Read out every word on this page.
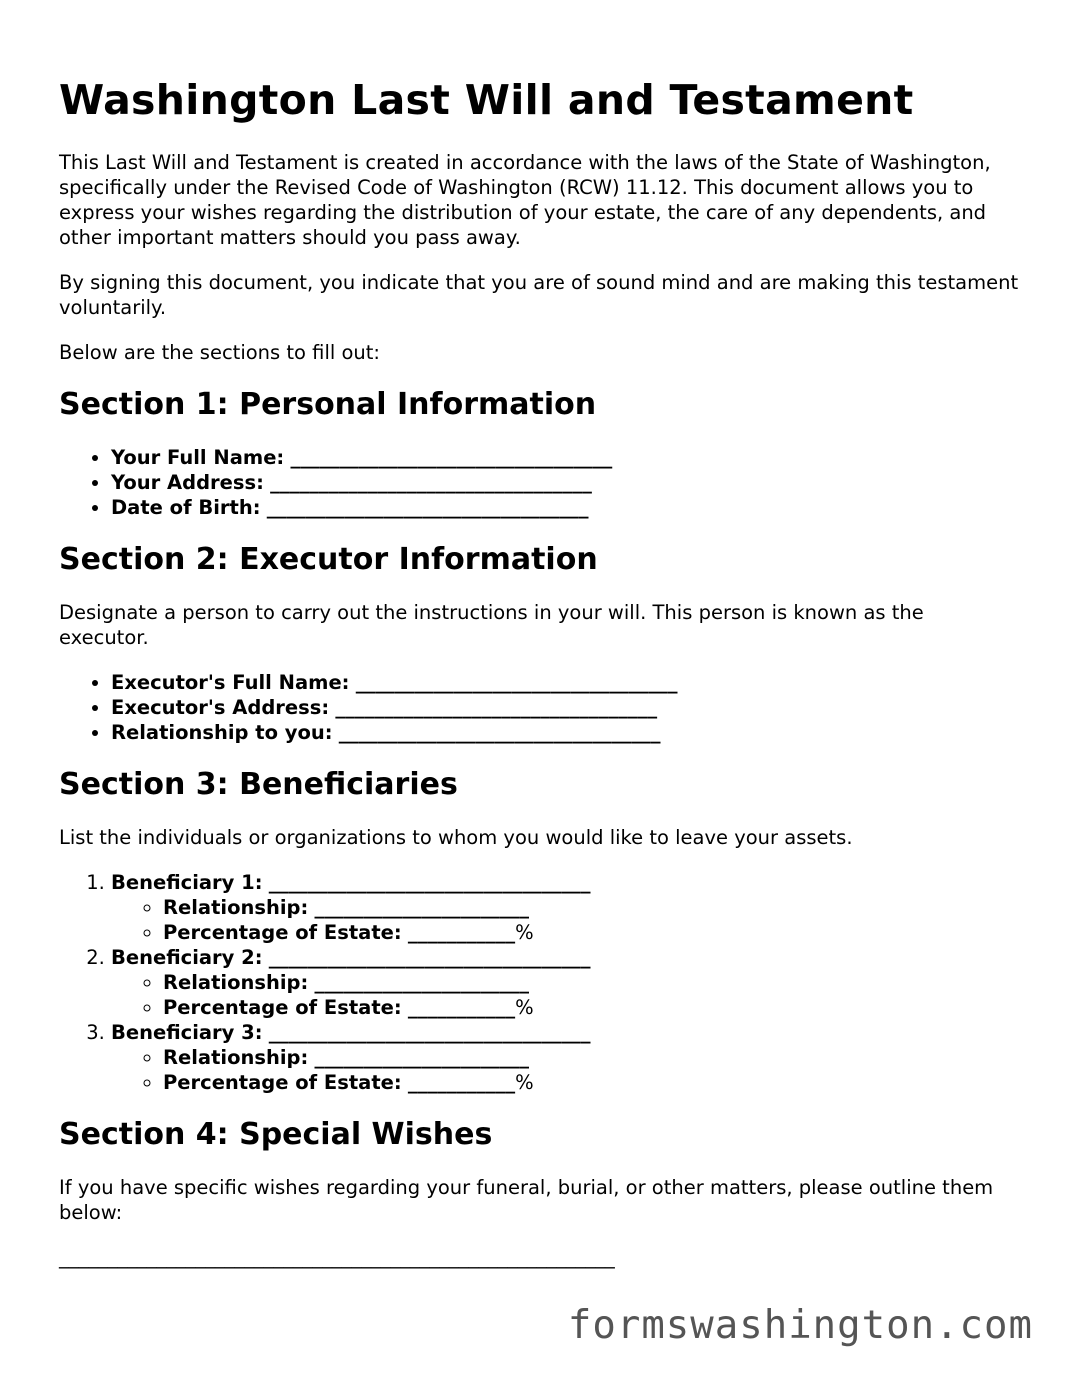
Washington Last Will and Testament

This Last Will and Testament is created in accordance with the laws of the State of Washington, specifically under the Revised Code of Washington (RCW) 11.12. This document allows you to express your wishes regarding the distribution of your estate, the care of any dependents, and other important matters should you pass away.

By signing this document, you indicate that you are of sound mind and are making this testament voluntarily.

Below are the sections to fill out:

Section 1: Personal Information
• Your Full Name: _________________________________
• Your Address: _________________________________
• Date of Birth: _________________________________
Section 2: Executor Information

Designate a person to carry out the instructions in your will. This person is known as the executor.

• Executor's Full Name: _________________________________
• Executor's Address: _________________________________
• Relationship to you: _________________________________
Section 3: Beneficiaries

List the individuals or organizations to whom you would like to leave your assets.

1. Beneficiary 1: _________________________________
◦ Relationship: ______________________
◦ Percentage of Estate: ___________%
2. Beneficiary 2: _________________________________
◦ Relationship: ______________________
◦ Percentage of Estate: ___________%
3. Beneficiary 3: _________________________________
◦ Relationship: ______________________
◦ Percentage of Estate: ___________%
Section 4: Special Wishes

If you have specific wishes regarding your funeral, burial, or other matters, please outline them below:

_________________________________________________________
formswashington.com
